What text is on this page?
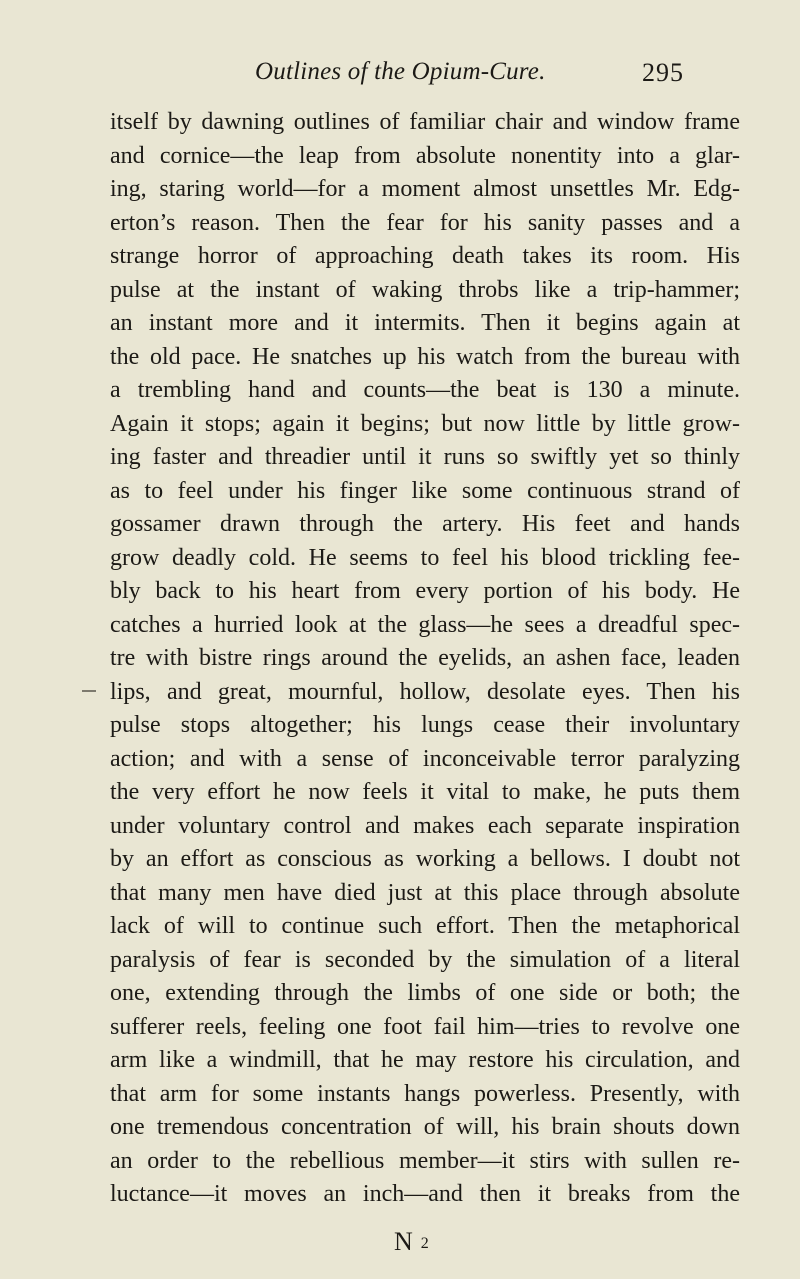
Outlines of the Opium-Cure.	295
itself by dawning outlines of familiar chair and window frame
and cornice—the leap from absolute nonentity into a glar-
ing, staring world—for a moment almost unsettles Mr. Edg-
erton’s reason. Then the fear for his sanity passes and a
strange horror of approaching death takes its room. His
pulse at the instant of waking throbs like a trip-hammer;
an instant more and it intermits. Then it begins again at
the old pace. He snatches up his watch from the bureau with
a trembling hand and counts—the beat is 130 a minute.
Again it stops; again it begins; but now little by little grow-
ing faster and threadier until it runs so swiftly yet so thinly
as to feel under his finger like some continuous strand of
gossamer drawn through the artery. His feet and hands
grow deadly cold. He seems to feel his blood trickling fee-
bly back to his heart from every portion of his body. He
catches a hurried look at the glass—he sees a dreadful spec-
tre with bistre rings around the eyelids, an ashen face, leaden
lips, and great, mournful, hollow, desolate eyes. Then his
pulse stops altogether; his lungs cease their involuntary
action; and with a sense of inconceivable terror paralyzing
the very effort he now feels it vital to make, he puts them
under voluntary control and makes each separate inspiration
by an effort as conscious as working a bellows. I doubt not
that many men have died just at this place through absolute
lack of will to continue such effort. Then the metaphorical
paralysis of fear is seconded by the simulation of a literal
one, extending through the limbs of one side or both; the
sufferer reels, feeling one foot fail him—tries to revolve one
arm like a windmill, that he may restore his circulation, and
that arm for some instants hangs powerless. Presently, with
one tremendous concentration of will, his brain shouts down
an order to the rebellious member—it stirs with sullen re-
luctance—it moves an inch—and then it breaks from the
N 2
